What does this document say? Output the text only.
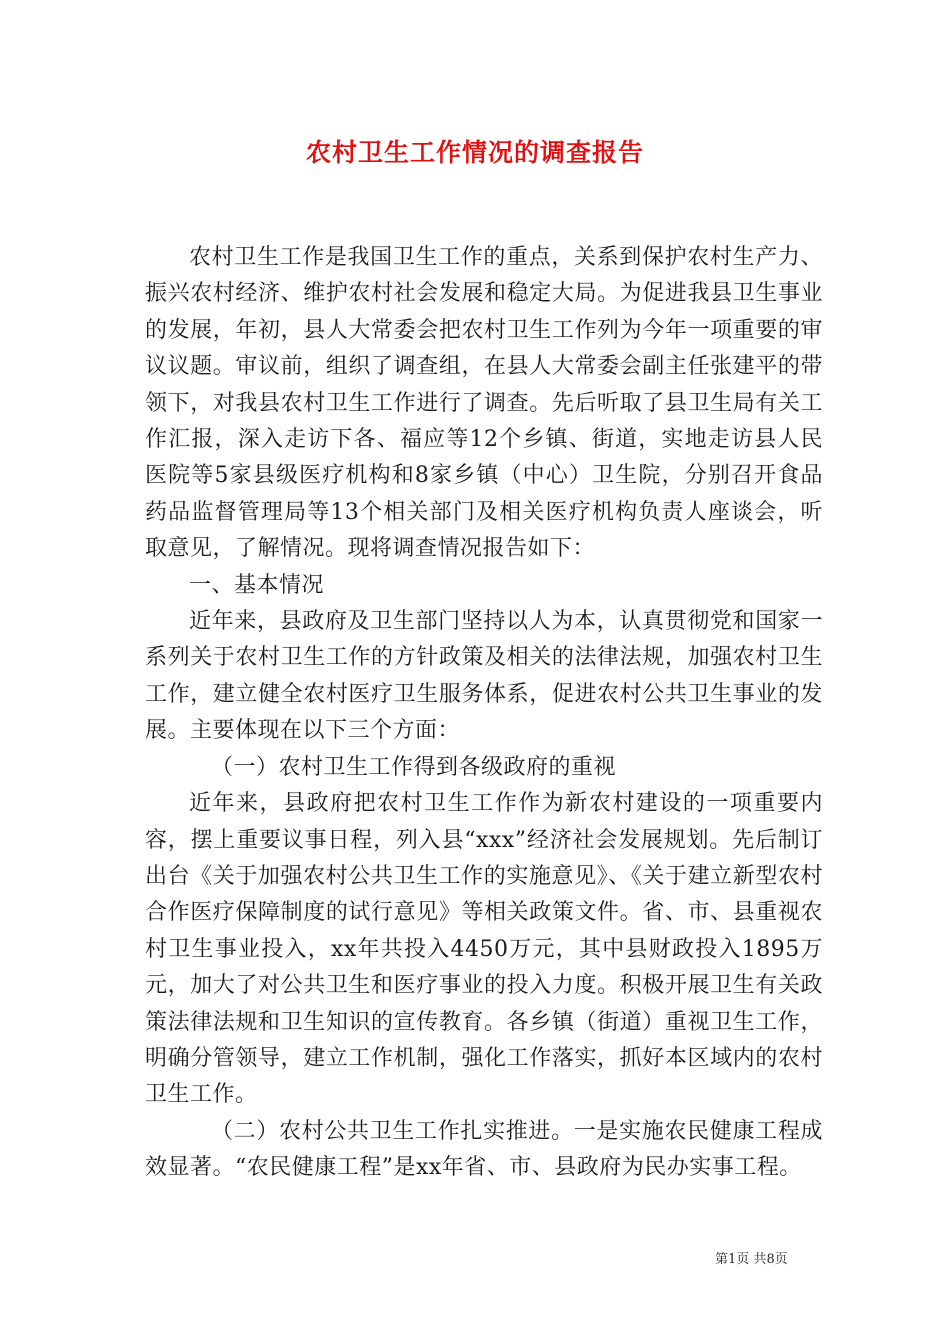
农村卫生工作情况的调查报告

农村卫生工作是我国卫生工作的重点，关系到保护农村生产力、振兴农村经济、维护农村社会发展和稳定大局。为促进我县卫生事业的发展，年初，县人大常委会把农村卫生工作列为今年一项重要的审议议题。审议前，组织了调查组，在县人大常委会副主任张建平的带领下，对我县农村卫生工作进行了调查。先后听取了县卫生局有关工作汇报，深入走访下各、福应等12个乡镇、街道，实地走访县人民医院等5家县级医疗机构和8家乡镇（中心）卫生院，分别召开食品药品监督管理局等13个相关部门及相关医疗机构负责人座谈会，听取意见，了解情况。现将调查情况报告如下：

一、基本情况

近年来，县政府及卫生部门坚持以人为本，认真贯彻党和国家一系列关于农村卫生工作的方针政策及相关的法律法规，加强农村卫生工作，建立健全农村医疗卫生服务体系，促进农村公共卫生事业的发展。主要体现在以下三个方面：

（一）农村卫生工作得到各级政府的重视

近年来，县政府把农村卫生工作作为新农村建设的一项重要内容，摆上重要议事日程，列入县“xxx”经济社会发展规划。先后制订出台《关于加强农村公共卫生工作的实施意见》、《关于建立新型农村合作医疗保障制度的试行意见》等相关政策文件。省、市、县重视农村卫生事业投入，xx年共投入4450万元，其中县财政投入1895万元，加大了对公共卫生和医疗事业的投入力度。积极开展卫生有关政策法律法规和卫生知识的宣传教育。各乡镇（街道）重视卫生工作，明确分管领导，建立工作机制，强化工作落实，抓好本区域内的农村卫生工作。

（二）农村公共卫生工作扎实推进。一是实施农民健康工程成效显著。“农民健康工程”是xx年省、市、县政府为民办实事工程。

第1页 共8页
